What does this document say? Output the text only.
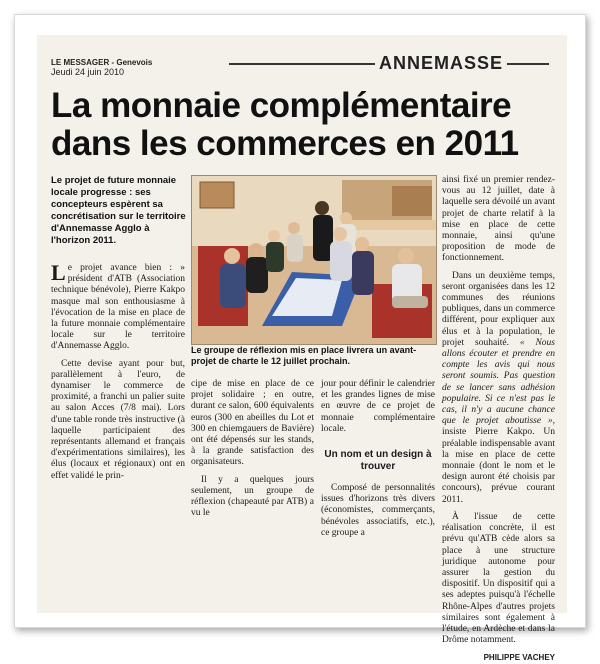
LE MESSAGER - Genevois
Jeudi 24 juin 2010	ANNEMASSE
La monnaie complémentaire dans les commerces en 2011

Le projet de future monnaie locale progresse : ses concepteurs espèrent sa concrétisation sur le territoire d'Annemasse Agglo à l'horizon 2011.

Le groupe de réflexion mis en place livrera un avant-projet de charte le 12 juillet prochain.

Le projet avance bien : » président d'ATB (Association technique bénévole), Pierre Kakpo masque mal son enthousiasme à l'évocation de la mise en place de la future monnaie complémentaire locale sur le territoire d'Annemasse Agglo.

Cette devise ayant pour but, parallèlement à l'euro, de dynamiser le commerce de proximité, a franchi un palier suite au salon Acces (7/8 mai). Lors d'une table ronde très instructive (à laquelle participaient des représentants allemand et français d'expérimentations similaires), les élus (locaux et régionaux) ont en effet validé le prin-

cipe de mise en place de ce projet solidaire ; en outre, durant ce salon, 600 équivalents euros (300 en abeilles du Lot et 300 en chiemgauers de Bavière) ont été dépensés sur les stands, à la grande satisfaction des organisateurs.

Il y a quelques jours seulement, un groupe de réflexion (chapeauté par ATB) a vu le

jour pour définir le calendrier et les grandes lignes de mise en œuvre de ce projet de monnaie complémentaire locale.

Un nom et un design à trouver

Composé de personnalités issues d'horizons très divers (économistes, commerçants, bénévoles associatifs, etc.), ce groupe a

ainsi fixé un premier rendez-vous au 12 juillet, date à laquelle sera dévoilé un avant projet de charte relatif à la mise en place de cette monnaie, ainsi qu'une proposition de mode de fonctionnement.

Dans un deuxième temps, seront organisées dans les 12 communes des réunions publiques, dans un commerce différent, pour expliquer aux élus et à la population, le projet souhaité. « Nous allons écouter et prendre en compte les avis qui nous seront soumis. Pas question de se lancer sans adhésion populaire. Si ce n'est pas le cas, il n'y a aucune chance que le projet aboutisse », insiste Pierre Kakpo. Un préalable indispensable avant la mise en place de cette monnaie (dont le nom et le design auront été choisis par concours), prévue courant 2011.

À l'issue de cette réalisation concrète, il est prévu qu'ATB cède alors sa place à une structure juridique autonome pour assurer la gestion du dispositif. Un dispositif qui a ses adeptes puisqu'à l'échelle Rhône-Alpes d'autres projets similaires sont également à l'étude, en Ardèche et dans la Drôme notamment.

PHILIPPE VACHEY
